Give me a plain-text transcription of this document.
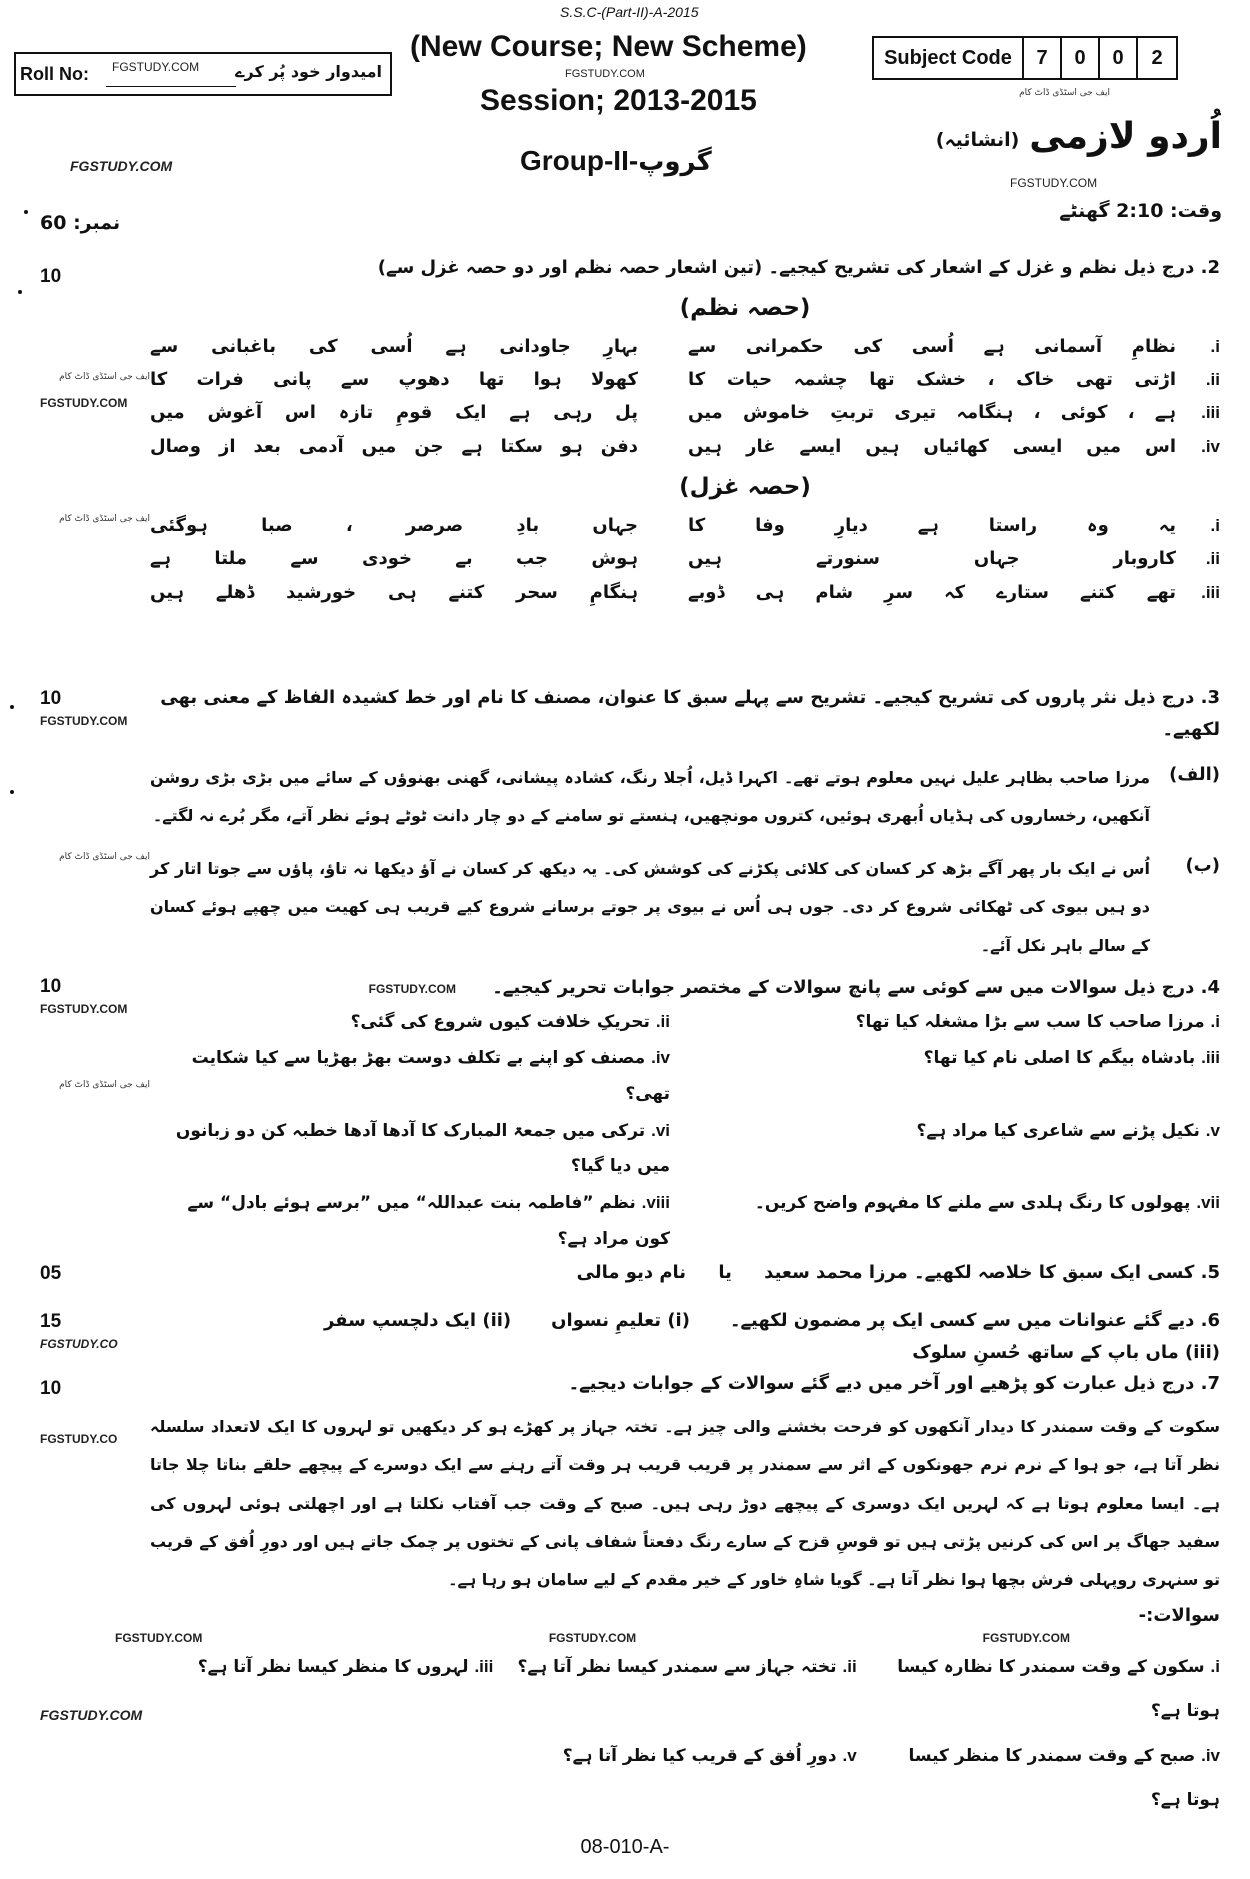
S.S.C-(Part-II)-A-2015
Roll No: FGSTUDY.COM امیدوار خود پُر کرے
(New Course; New Scheme)
FGSTUDY.COM
Session; 2013-2015
Group-II-گروپ
Subject Code	7	0	0	2
ایف جی اسٹڈی ڈاٹ کام
اُردو لازمی
(انشائیہ)
FGSTUDY.COM
FGSTUDY.COM
وقت: 2:10 گھنٹے
نمبر: 60
10
ایف جی اسٹڈی ڈاٹ کام
FGSTUDY.COM
ایف جی اسٹڈی ڈاٹ کام
2. درج ذیل نظم و غزل کے اشعار کی تشریح کیجیے۔ (تین اشعار حصہ نظم اور دو حصہ غزل سے)
(حصہ نظم)
i.
نظامِ آسمانی ہے اُسی کی حکمرانی سے
بہارِ جاودانی ہے اُسی کی باغبانی سے
ii.
اڑتی تھی خاک ، خشک تھا چشمہ حیات کا
کھولا ہوا تھا دھوپ سے پانی فرات کا
iii.
ہے ، کوئی ، ہنگامہ تیری تربتِ خاموش میں
پل رہی ہے ایک قومِ تازہ اس آغوش میں
iv.
اس میں ایسی کھائیاں ہیں ایسے غار ہیں
دفن ہو سکتا ہے جن میں آدمی بعد از وصال
(حصہ غزل)
i.
یہ وہ راستا ہے دیارِ وفا کا
جہاں بادِ صرصر ، صبا ہوگئی
ii.
کاروبار جہاں سنورتے ہیں
ہوش جب بے خودی سے ملتا ہے
iii.
تھے کتنے ستارے کہ سرِ شام ہی ڈوبے
ہنگامِ سحر کتنے ہی خورشید ڈھلے ہیں
10
FGSTUDY.COM
ایف جی اسٹڈی ڈاٹ کام
3. درج ذیل نثر پاروں کی تشریح کیجیے۔ تشریح سے پہلے سبق کا عنوان، مصنف کا نام اور خط کشیدہ الفاظ کے معنی بھی لکھیے۔
(الف)
مرزا صاحب بظاہر علیل نہیں معلوم ہوتے تھے۔ اکہرا ڈیل، اُجلا رنگ، کشادہ پیشانی، گھنی بھنوؤں کے سائے میں بڑی بڑی روشن آنکھیں، رخساروں کی ہڈیاں اُبھری ہوئیں، کتروں مونچھیں، ہنستے تو سامنے کے دو چار دانت ٹوٹے ہوئے نظر آتے، مگر بُرے نہ لگتے۔
(ب)
اُس نے ایک بار پھر آگے بڑھ کر کسان کی کلائی پکڑنے کی کوشش کی۔ یہ دیکھ کر کسان نے آؤ دیکھا نہ تاؤ، پاؤں سے جوتا اتار کر دو ہیں بیوی کی ٹھکائی شروع کر دی۔ جوں ہی اُس نے بیوی پر جوتے برسانے شروع کیے قریب ہی کھیت میں چھپے ہوئے کسان کے سالے باہر نکل آئے۔
10
FGSTUDY.COM
ایف جی اسٹڈی ڈاٹ کام
4. درج ذیل سوالات میں سے کوئی سے پانچ سوالات کے مختصر جوابات تحریر کیجیے۔ FGSTUDY.COM
i. مرزا صاحب کا سب سے بڑا مشغلہ کیا تھا؟
ii. تحریکِ خلافت کیوں شروع کی گئی؟
iii. بادشاہ بیگم کا اصلی نام کیا تھا؟
iv. مصنف کو اپنے بے تکلف دوست بھڑ بھڑیا سے کیا شکایت تھی؟
v. نکیل پڑنے سے شاعری کیا مراد ہے؟
vi. ترکی میں جمعۃ المبارک کا آدھا آدھا خطبہ کن دو زبانوں میں دیا گیا؟
vii. پھولوں کا رنگ ہلدی سے ملنے کا مفہوم واضح کریں۔
viii. نظم ”فاطمہ بنت عبداللہ“ میں ”برسے ہوئے بادل“ سے کون مراد ہے؟
05	5. کسی ایک سبق کا خلاصہ لکھیے۔ مرزا محمد سعید یا نام دیو مالی
15
FGSTUDY.CO
6. دیے گئے عنوانات میں سے کسی ایک پر مضمون لکھیے۔
(i) تعلیمِ نسواں
(ii) ایک دلچسپ سفر
(iii) ماں باپ کے ساتھ حُسنِ سلوک
10
FGSTUDY.CO
7. درج ذیل عبارت کو پڑھیے اور آخر میں دیے گئے سوالات کے جوابات دیجیے۔
سکوت کے وقت سمندر کا دیدار آنکھوں کو فرحت بخشنے والی چیز ہے۔ تختہ جہاز پر کھڑے ہو کر دیکھیں تو لہروں کا ایک لاتعداد سلسلہ نظر آتا ہے، جو ہوا کے نرم نرم جھونکوں کے اثر سے سمندر پر قریب قریب ہر وقت آتے رہنے سے ایک دوسرے کے پیچھے حلقے بناتا چلا جاتا ہے۔ ایسا معلوم ہوتا ہے کہ لہریں ایک دوسری کے پیچھے دوڑ رہی ہیں۔ صبح کے وقت جب آفتاب نکلتا ہے اور اچھلتی ہوئی لہروں کی سفید جھاگ پر اس کی کرنیں پڑتی ہیں تو قوسِ قزح کے سارے رنگ دفعتاً شفاف پانی کے تختوں پر چمک جاتے ہیں اور دورِ اُفق کے قریب تو سنہری روپہلی فرش بچھا ہوا نظر آتا ہے۔ گویا شاہِ خاور کے خیر مقدم کے لیے سامان ہو رہا ہے۔
سوالات:-
FGSTUDY.COM	FGSTUDY.COM	FGSTUDY.COM
FGSTUDY.COM
i. سکون کے وقت سمندر کا نظارہ کیسا ہوتا ہے؟
ii. تختہ جہاز سے سمندر کیسا نظر آتا ہے؟
iii. لہروں کا منظر کیسا نظر آتا ہے؟
iv. صبح کے وقت سمندر کا منظر کیسا ہوتا ہے؟
v. دورِ اُفق کے قریب کیا نظر آتا ہے؟
08-010-A-
